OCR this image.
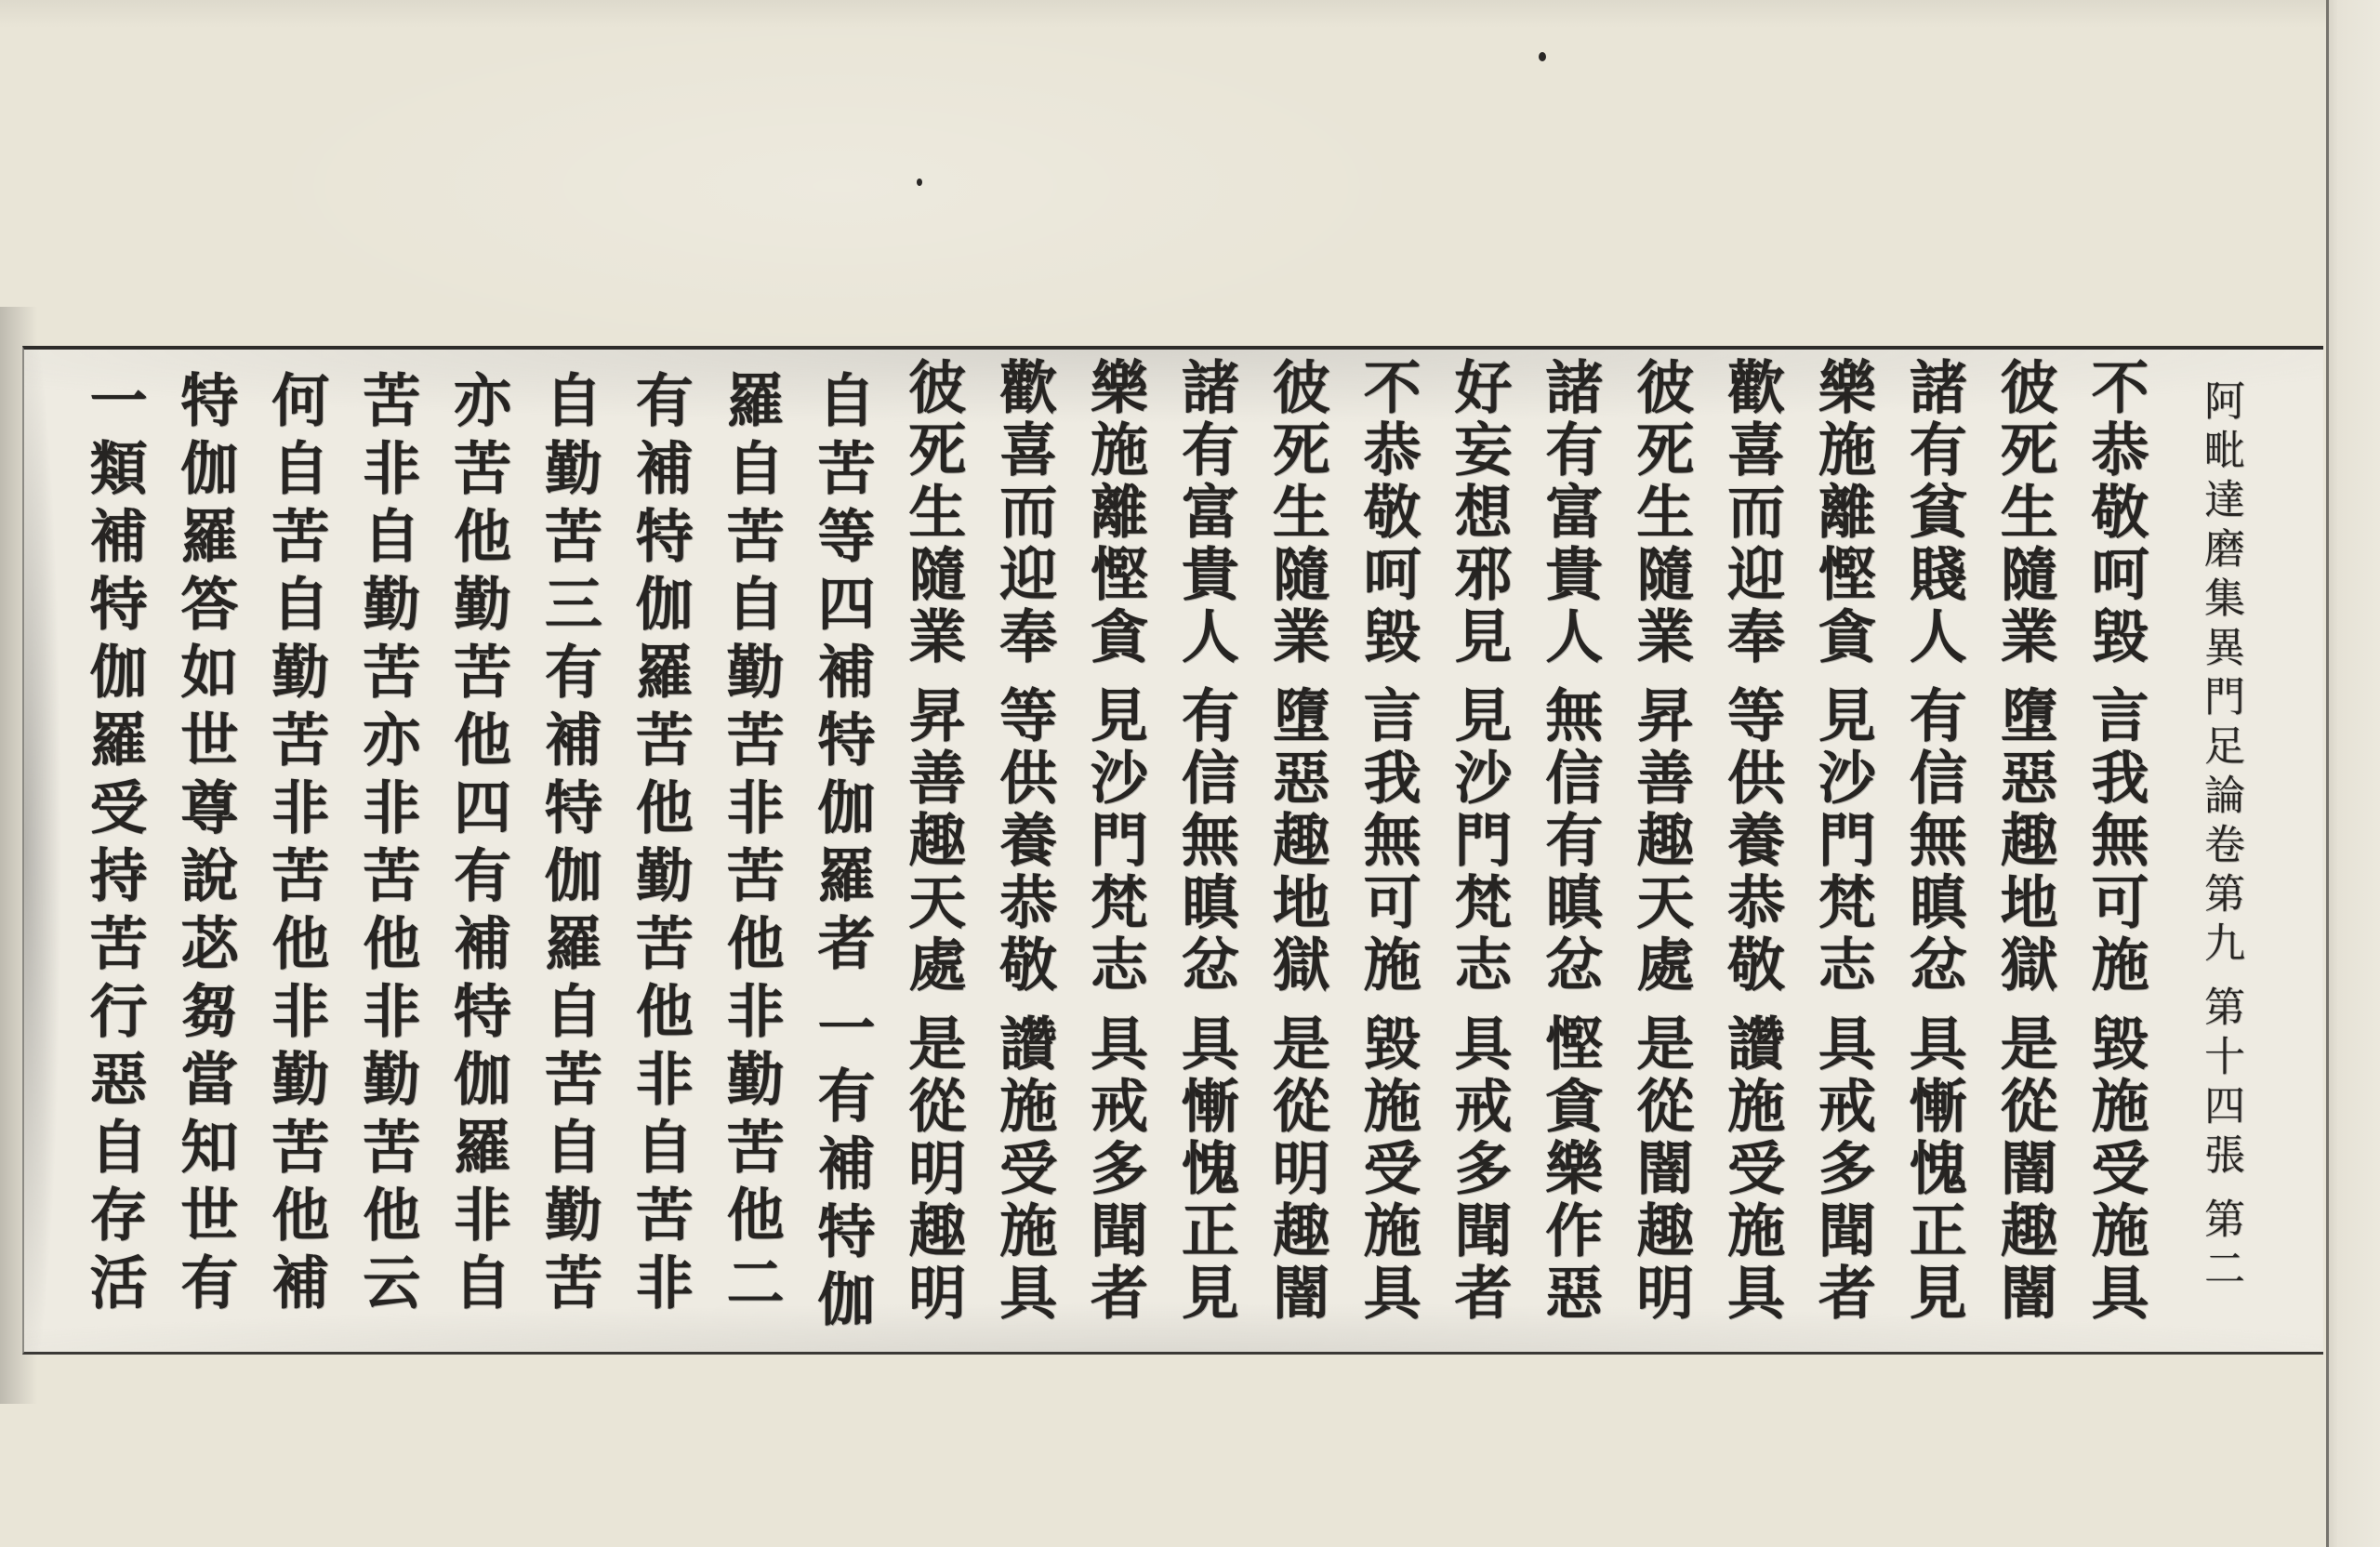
阿毗達磨集異門足論卷第九第十四張第二
不恭敬呵毀言我無可施毀施受施具
彼死生隨業墮惡趣地獄是從闇趣闇
諸有貧賤人有信無瞋忿具慚愧正見
樂施離慳貪見沙門梵志具戒多聞者
歡喜而迎奉等供養恭敬讚施受施具
彼死生隨業昇善趣天處是從闇趣明
諸有富貴人無信有瞋忿慳貪樂作惡
好妄想邪見見沙門梵志具戒多聞者
不恭敬呵毀言我無可施毀施受施具
彼死生隨業墮惡趣地獄是從明趣闇
諸有富貴人有信無瞋忿具慚愧正見
樂施離慳貪見沙門梵志具戒多聞者
歡喜而迎奉等供養恭敬讚施受施具
彼死生隨業昇善趣天處是從明趣明
自苦等四補特伽羅者一有補特伽
羅自苦自勤苦非苦他非勤苦他二
有補特伽羅苦他勤苦他非自苦非
自勤苦三有補特伽羅自苦自勤苦
亦苦他勤苦他四有補特伽羅非自
苦非自勤苦亦非苦他非勤苦他云
何自苦自勤苦非苦他非勤苦他補
特伽羅答如世尊說苾芻當知世有
一類補特伽羅受持苦行惡自存活
